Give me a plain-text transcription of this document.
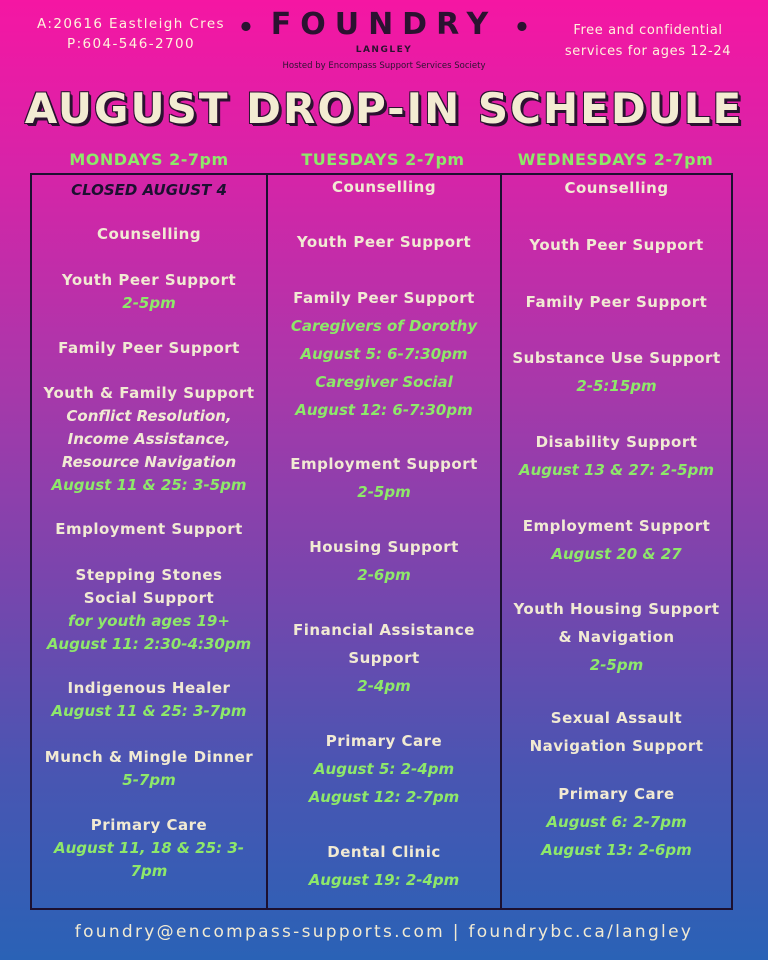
A:20616 Eastleigh Cres
P:604-546-2700
● FOUNDRY ●
LANGLEY
Hosted by Encompass Support Services Society
Free and confidential
services for ages 12-24
AUGUST DROP-IN SCHEDULE
MONDAYS 2-7pm	TUESDAYS 2-7pm	WEDNESDAYS 2-7pm
CLOSED AUGUST 4
Counselling
Youth Peer Support
2-5pm
Family Peer Support
Youth & Family Support
Conflict Resolution,
Income Assistance,
Resource Navigation
August 11 & 25: 3-5pm
Employment Support
Stepping Stones
Social Support
for youth ages 19+
August 11: 2:30-4:30pm
Indigenous Healer
August 11 & 25: 3-7pm
Munch & Mingle Dinner
5-7pm
Primary Care
August 11, 18 & 25: 3-
7pm
Counselling
Youth Peer Support
Family Peer Support
Caregivers of Dorothy
August 5: 6-7:30pm
Caregiver Social
August 12: 6-7:30pm
Employment Support
2-5pm
Housing Support
2-6pm
Financial Assistance
Support
2-4pm
Primary Care
August 5: 2-4pm
August 12: 2-7pm
Dental Clinic
August 19: 2-4pm
Counselling
Youth Peer Support
Family Peer Support
Substance Use Support
2-5:15pm
Disability Support
August 13 & 27: 2-5pm
Employment Support
August 20 & 27
Youth Housing Support
& Navigation
2-5pm
Sexual Assault
Navigation Support
Primary Care
August 6: 2-7pm
August 13: 2-6pm
foundry@encompass-supports.com | foundrybc.ca/langley
